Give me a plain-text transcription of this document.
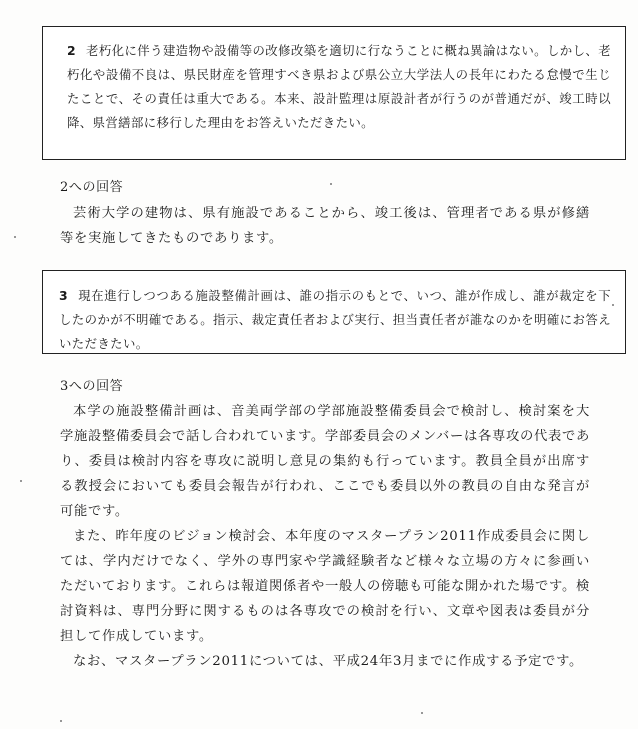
2 老朽化に伴う建造物や設備等の改修改築を適切に行なうことに概ね異論はない。しかし、老朽化や設備不良は、県民財産を管理すべき県および県公立大学法人の長年にわたる怠慢で生じたことで、その責任は重大である。本来、設計監理は原設計者が行うのが普通だが、竣工時以降、県営繕部に移行した理由をお答えいただきたい。

2への回答

芸術大学の建物は、県有施設であることから、竣工後は、管理者である県が修繕等を実施してきたものであります。

3 現在進行しつつある施設整備計画は、誰の指示のもとで、いつ、誰が作成し、誰が裁定を下したのかが不明確である。指示、裁定責任者および実行、担当責任者が誰なのかを明確にお答えいただきたい。

3への回答

本学の施設整備計画は、音美両学部の学部施設整備委員会で検討し、検討案を大学施設整備委員会で話し合われています。学部委員会のメンバーは各専攻の代表であり、委員は検討内容を専攻に説明し意見の集約も行っています。教員全員が出席する教授会においても委員会報告が行われ、ここでも委員以外の教員の自由な発言が可能です。

また、昨年度のビジョン検討会、本年度のマスタープラン2011作成委員会に関しては、学内だけでなく、学外の専門家や学識経験者など様々な立場の方々に参画いただいております。これらは報道関係者や一般人の傍聴も可能な開かれた場です。検討資料は、専門分野に関するものは各専攻での検討を行い、文章や図表は委員が分担して作成しています。

なお、マスタープラン2011については、平成24年3月までに作成する予定です。
